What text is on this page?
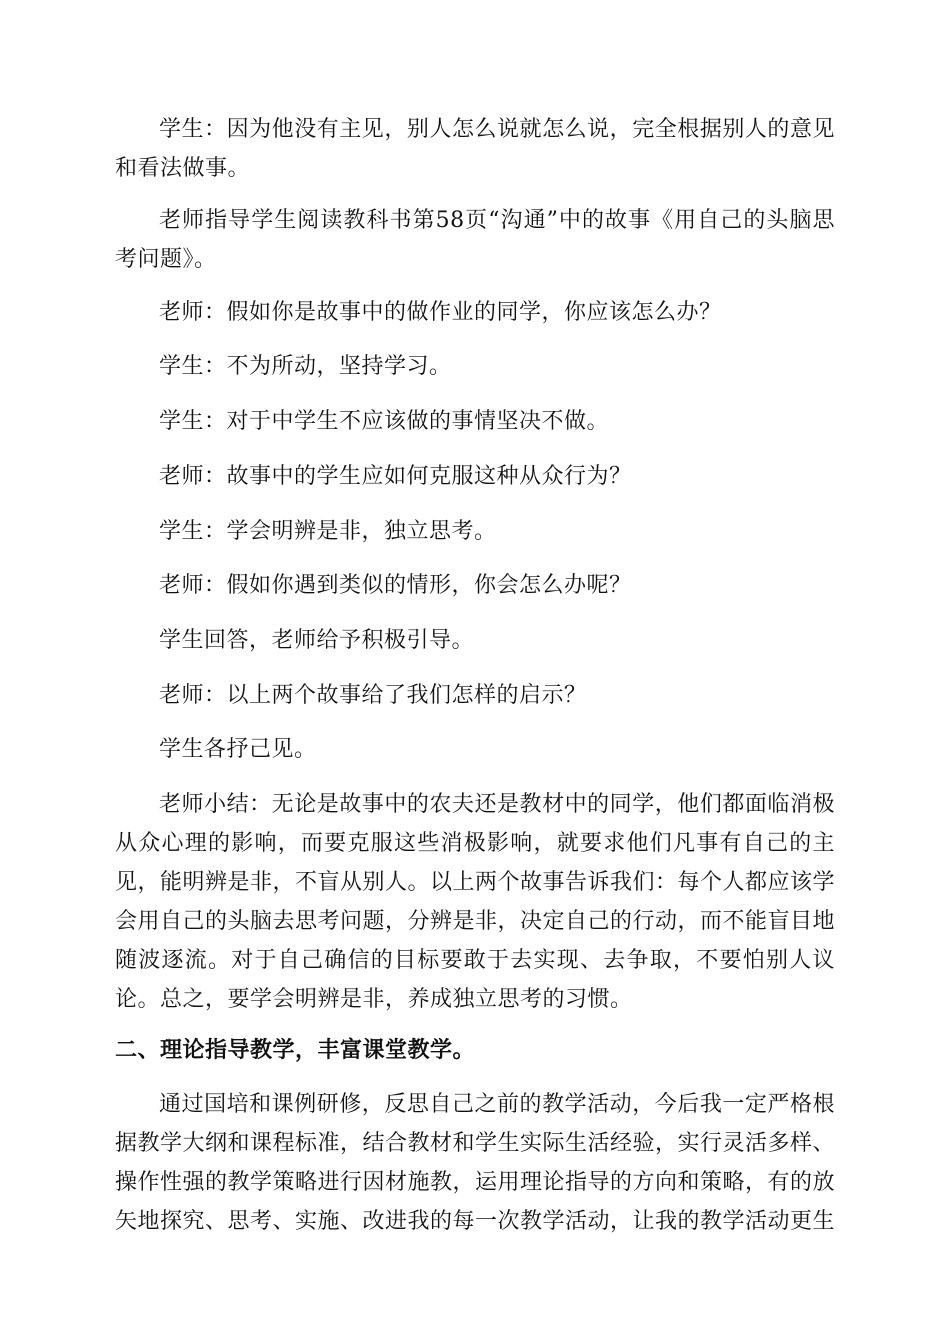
学生：因为他没有主见，别人怎么说就怎么说，完全根据别人的意见和看法做事。

老师指导学生阅读教科书第58页“沟通”中的故事《用自己的头脑思考问题》。

老师：假如你是故事中的做作业的同学，你应该怎么办？

学生：不为所动，坚持学习。

学生：对于中学生不应该做的事情坚决不做。

老师：故事中的学生应如何克服这种从众行为？

学生：学会明辨是非，独立思考。

老师：假如你遇到类似的情形，你会怎么办呢？

学生回答，老师给予积极引导。

老师：以上两个故事给了我们怎样的启示？

学生各抒己见。

老师小结：无论是故事中的农夫还是教材中的同学，他们都面临消极从众心理的影响，而要克服这些消极影响，就要求他们凡事有自己的主见，能明辨是非，不盲从别人。以上两个故事告诉我们：每个人都应该学会用自己的头脑去思考问题，分辨是非，决定自己的行动，而不能盲目地随波逐流。对于自己确信的目标要敢于去实现、去争取，不要怕别人议论。总之，要学会明辨是非，养成独立思考的习惯。

二、理论指导教学，丰富课堂教学。

通过国培和课例研修，反思自己之前的教学活动，今后我一定严格根据教学大纲和课程标准，结合教材和学生实际生活经验，实行灵活多样、操作性强的教学策略进行因材施教，运用理论指导的方向和策略，有的放矢地探究、思考、实施、改进我的每一次教学活动，让我的教学活动更生
